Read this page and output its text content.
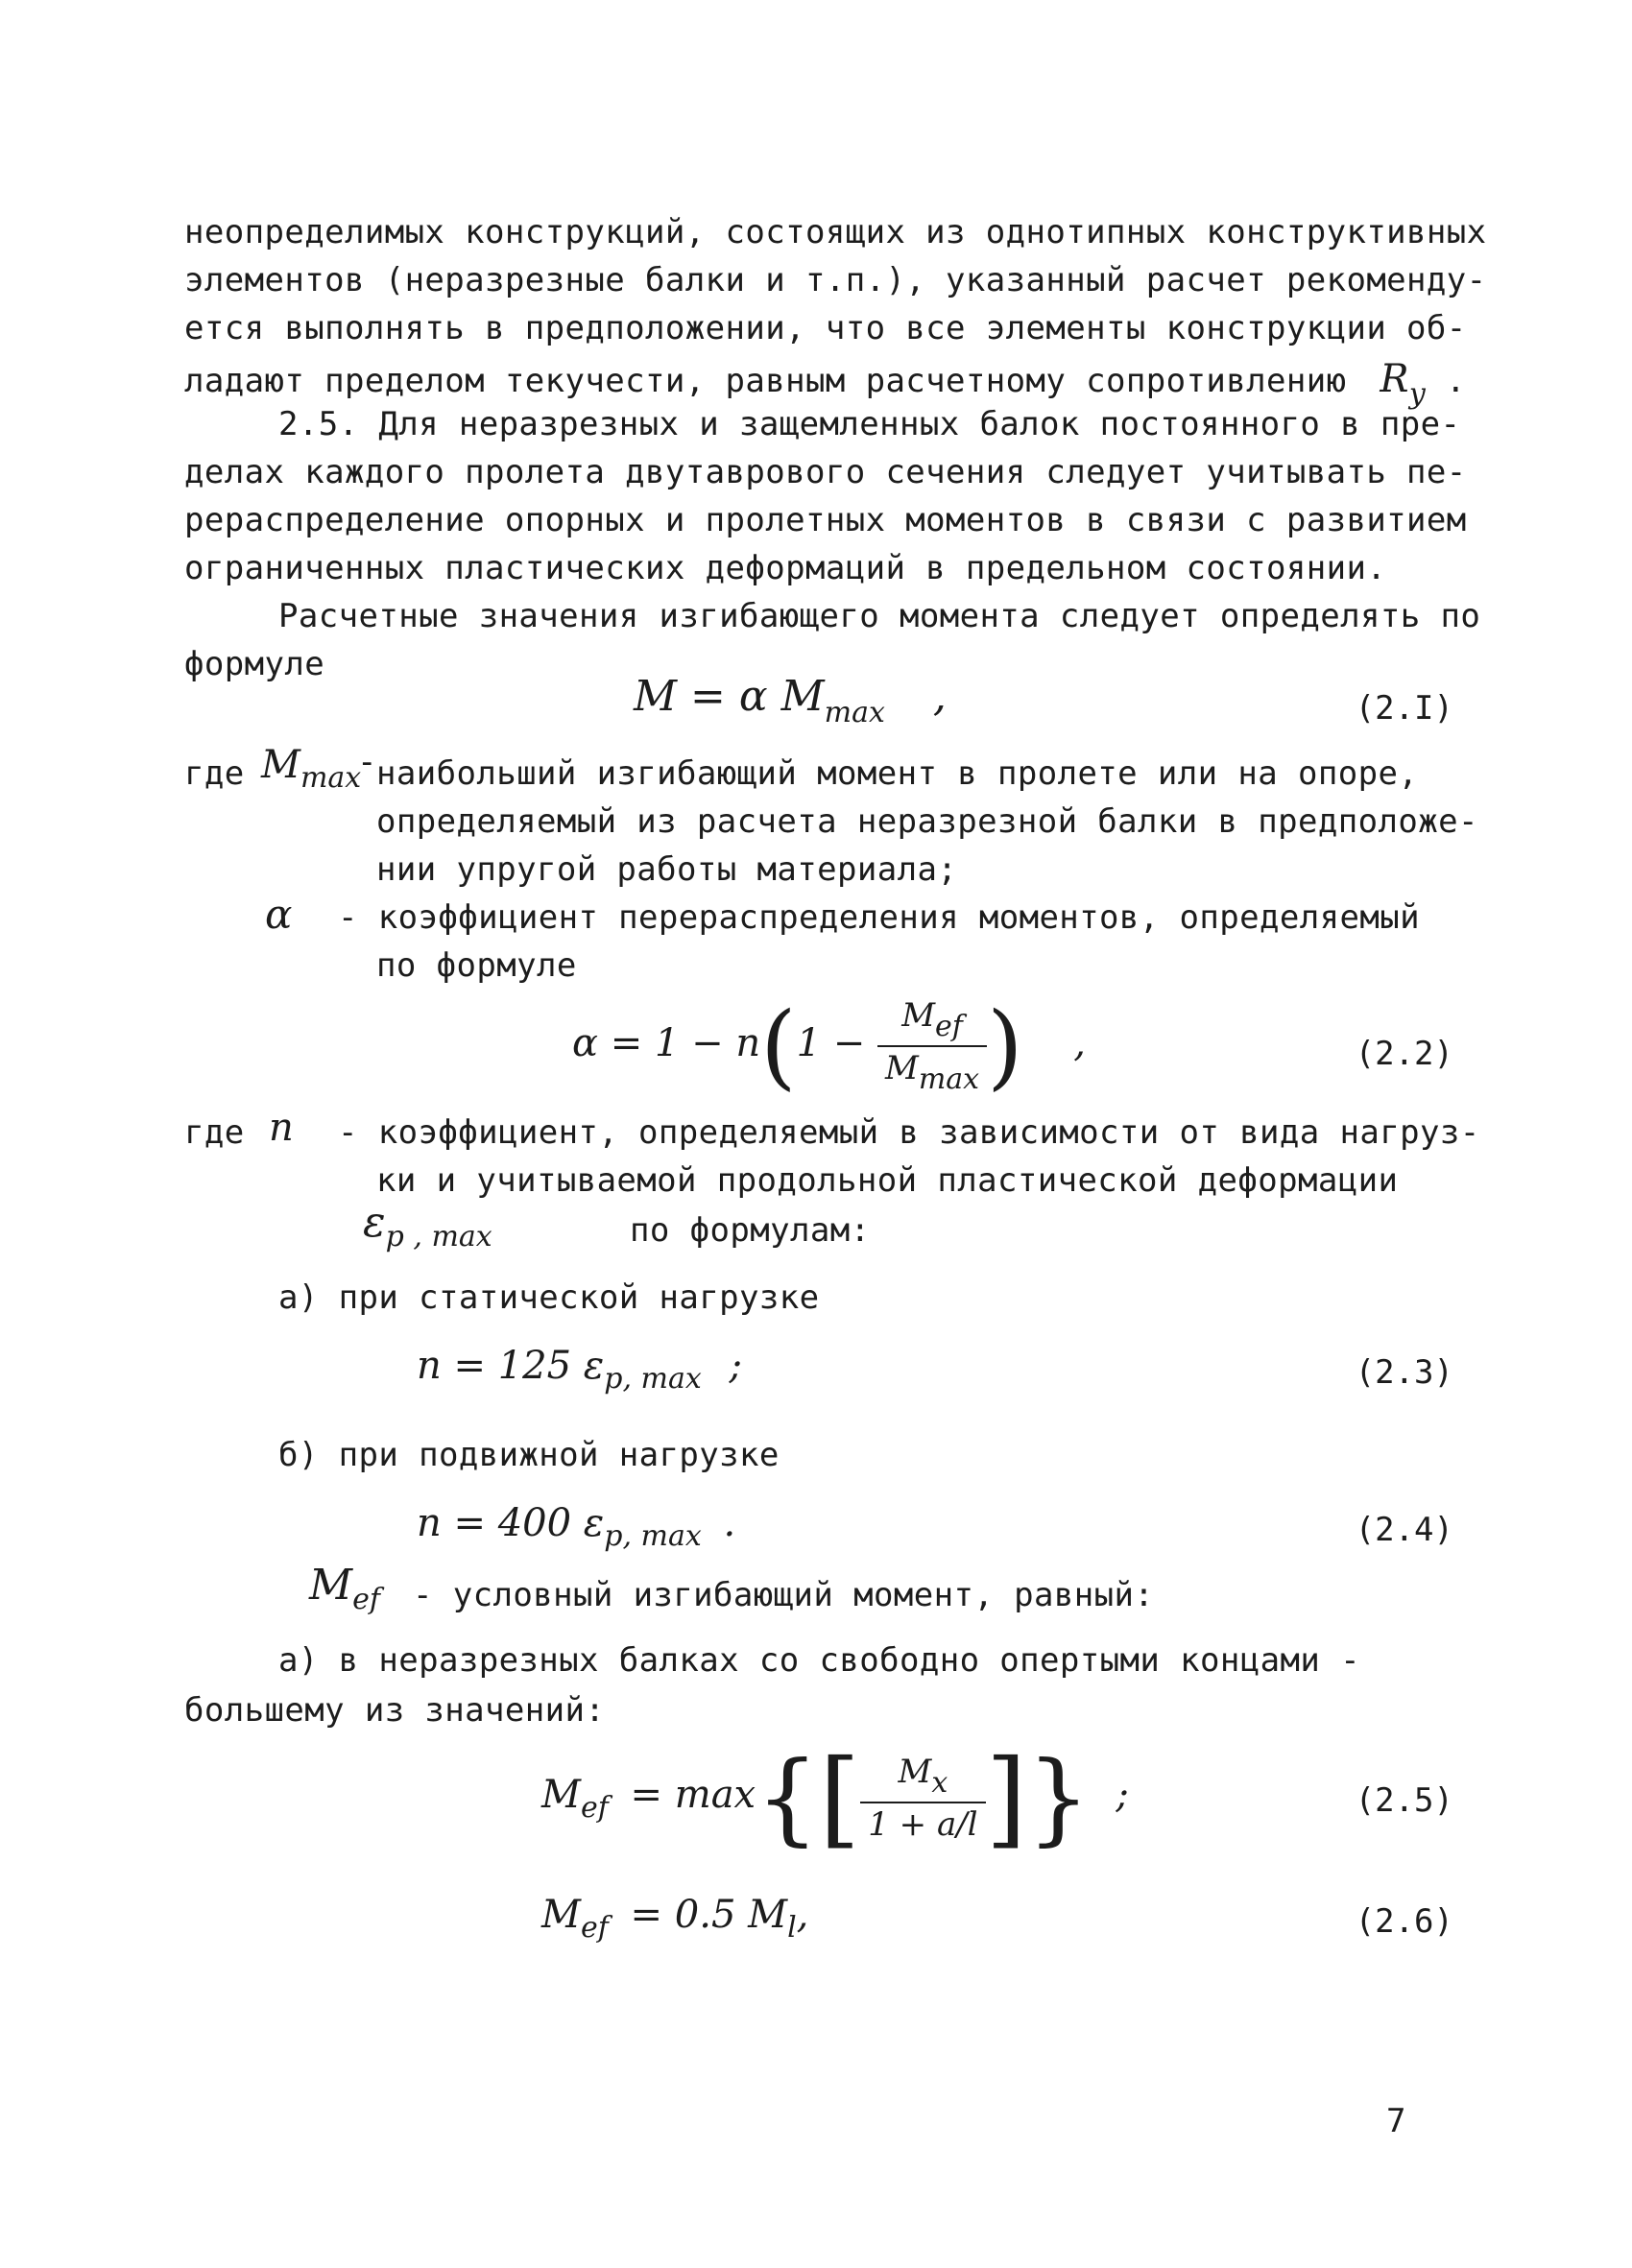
неопределимых конструкций, состоящих из однотипных конструктивных
элементов (неразрезные балки и т.п.), указанный расчет рекоменду-
ется выполнять в предположении, что все элементы конструкции об-
ладают пределом текучести, равным расчетному сопротивлению $R_y$ .
2.5. Для неразрезных и защемленных балок постоянного в пре-
делах каждого пролета двутаврового сечения следует учитывать пе-
рераспределение опорных и пролетных моментов в связи с развитием
ограниченных пластических деформаций в предельном состоянии.
Расчетные значения изгибающего момента следует определять по
формуле
M = α $M_{max}$ ,	(2.I)
где $M_{max}$
- наибольший изгибающий момент в пролете или на опоре,
определяемый из расчета неразрезной балки в предположе-
нии упругой работы материала;
α - коэффициент перераспределения моментов, определяемый
по формуле
$\alpha = 1 - n(1 - \frac{\text{Mef}}{Mmax}$ ) ,	(2.2)
где n - коэффициент, определяемый в зависимости от вида нагруз-
ки и учитываемой продольной пластической деформации
$\varepsilon_{p , max}$	по формулам:
а) при статической нагрузке
n = 125 $\varepsilon_{p, max}$ ;	(2.3)
б) при подвижной нагрузке
n = 400 $\varepsilon_{p, max}$ .	(2.4)
$M_{ef}$ - условный изгибающий момент, равный:
а) в неразрезных балках со свободно опертыми концами -
большему из значений:
$M_{ef} = \max\{[ \frac{Mx}{1 + a/l}$ ]} ;	(2.5)
$M_{ef} = 0.5$ $M_l$,	(2.6)
7
